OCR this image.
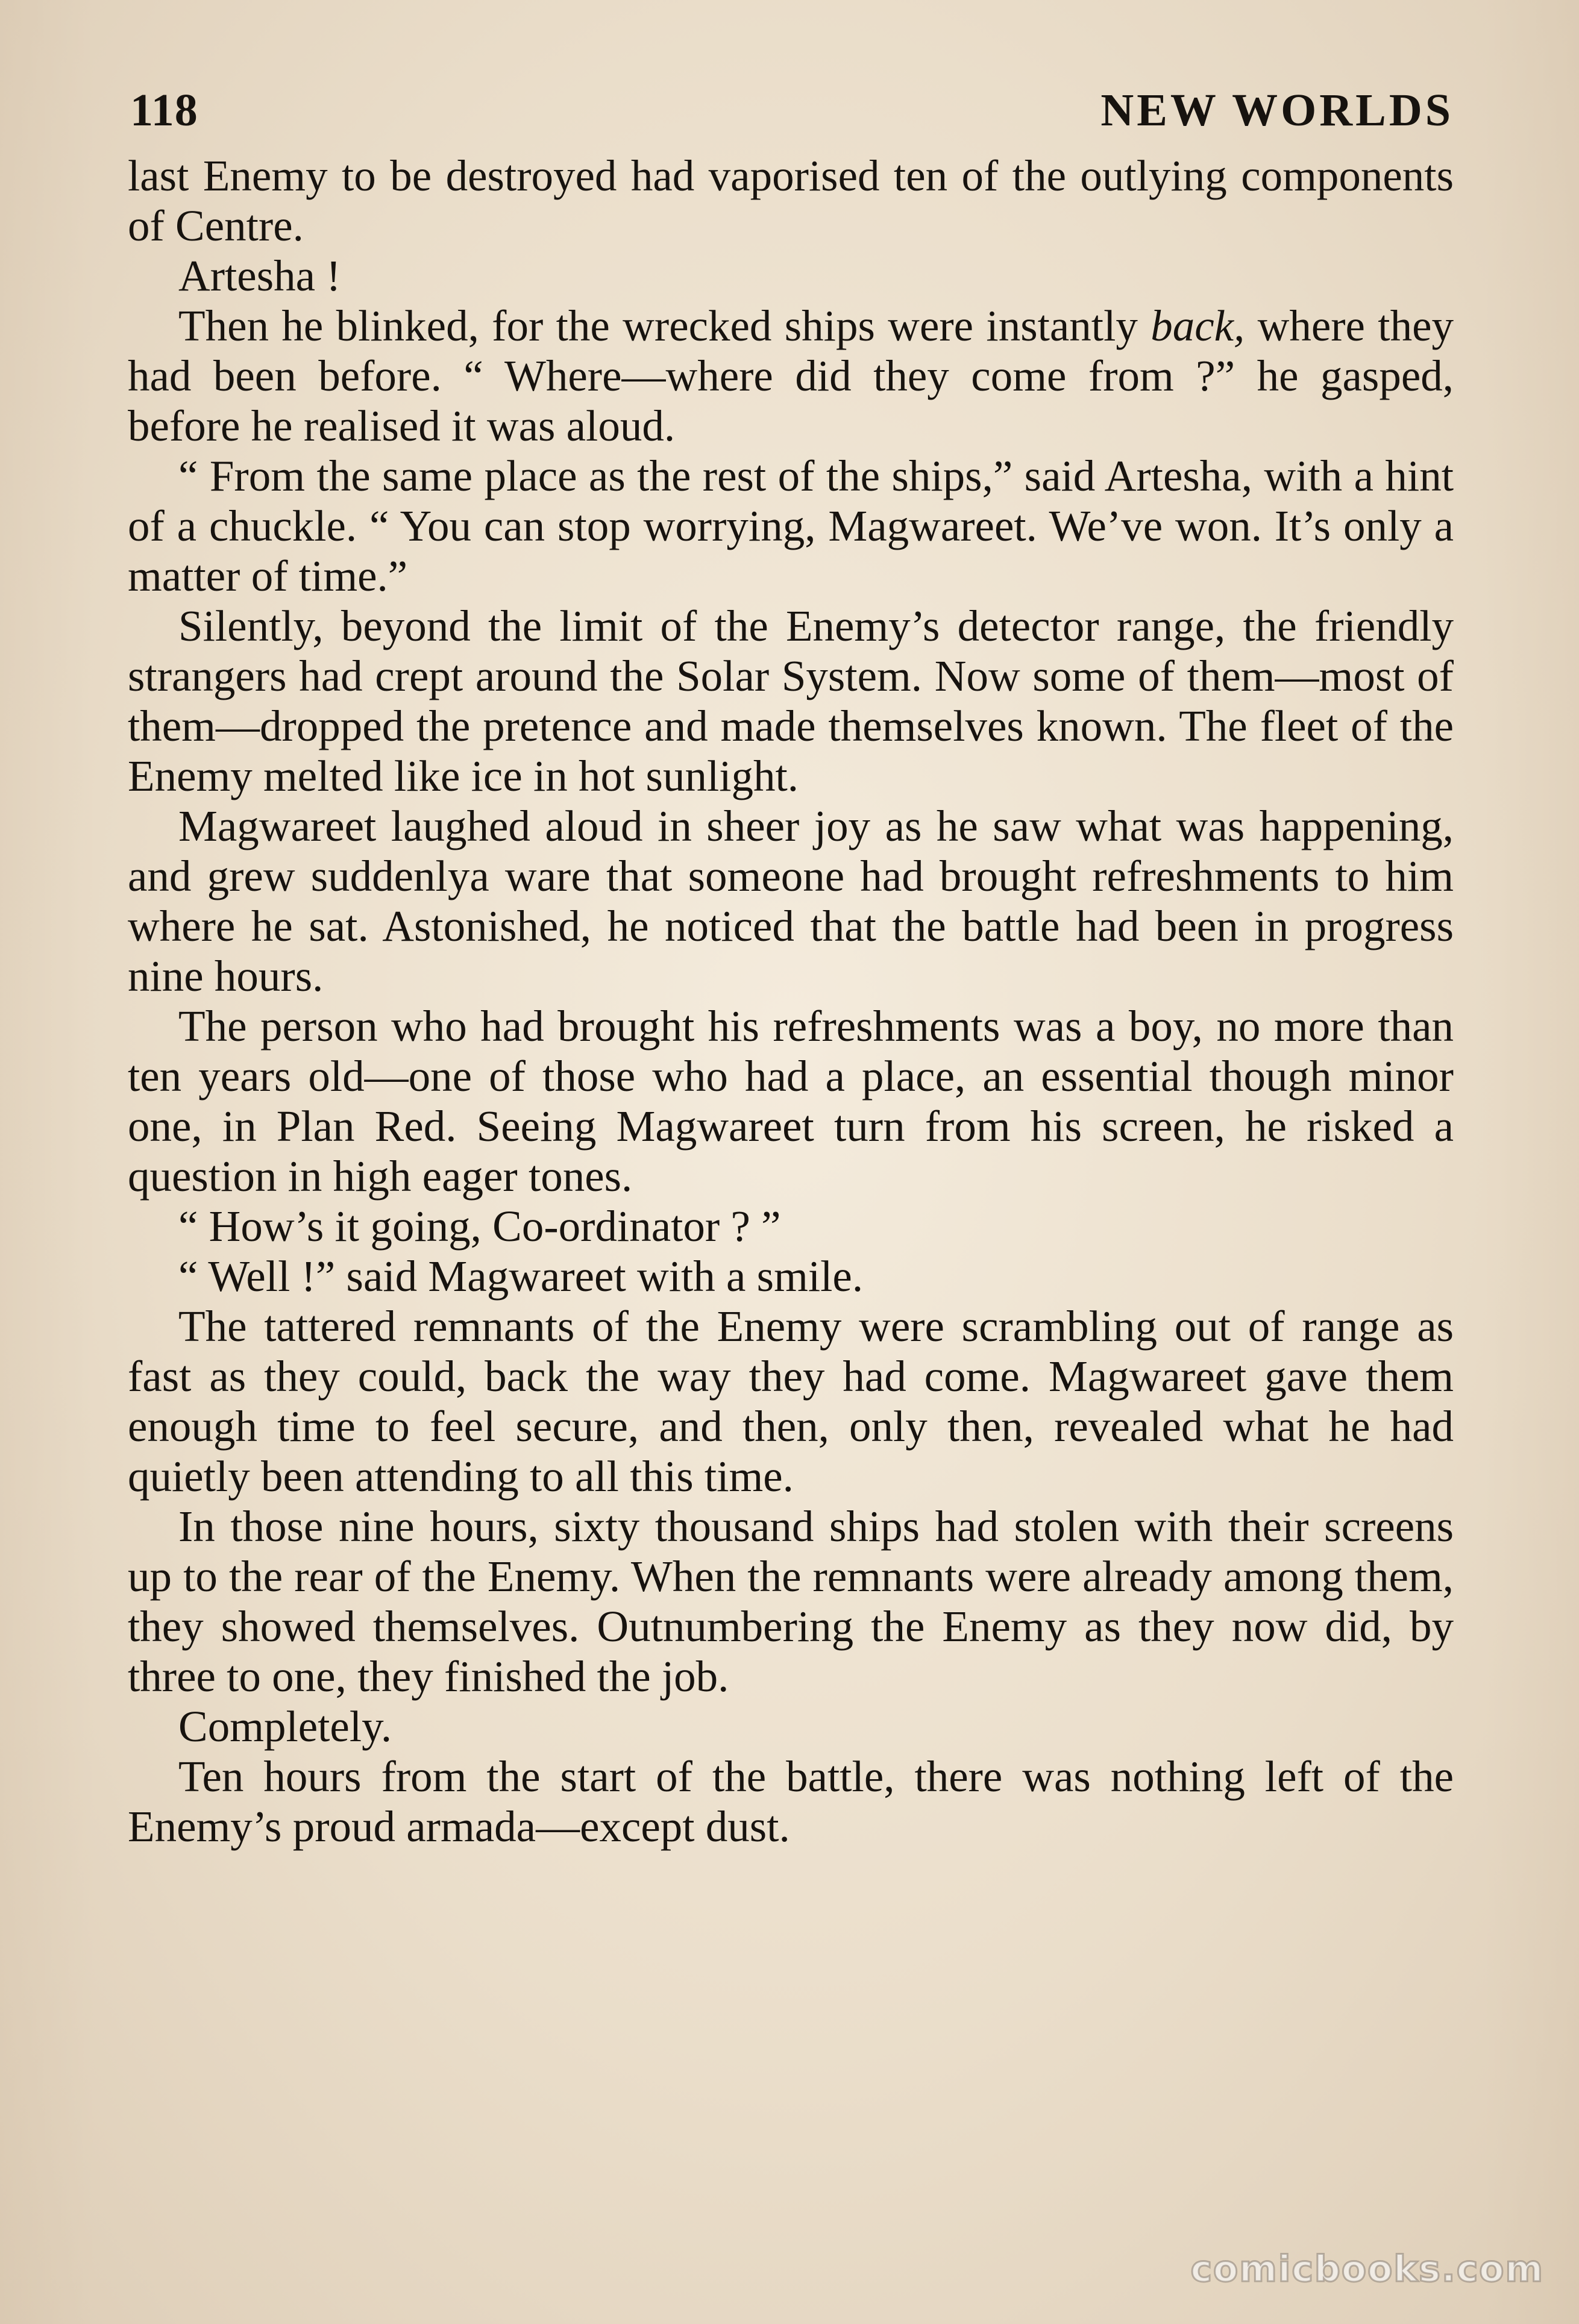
118	NEW WORLDS

last Enemy to be destroyed had vaporised ten of the outlying components of Centre.

Artesha !

Then he blinked, for the wrecked ships were instantly back, where they had been before. “ Where—where did they come from ?” he gasped, before he realised it was aloud.

“ From the same place as the rest of the ships,” said Artesha, with a hint of a chuckle. “ You can stop worrying, Magwareet. We’ve won. It’s only a matter of time.”

Silently, beyond the limit of the Enemy’s detector range, the friendly strangers had crept around the Solar System. Now some of them—most of them—dropped the pretence and made themselves known. The fleet of the Enemy melted like ice in hot sunlight.

Magwareet laughed aloud in sheer joy as he saw what was happening, and grew suddenlya ware that someone had brought refreshments to him where he sat. Astonished, he noticed that the battle had been in progress nine hours.

The person who had brought his refreshments was a boy, no more than ten years old—one of those who had a place, an essential though minor one, in Plan Red. Seeing Magwareet turn from his screen, he risked a question in high eager tones.

“ How’s it going, Co-ordinator ? ”

“ Well !” said Magwareet with a smile.

The tattered remnants of the Enemy were scrambling out of range as fast as they could, back the way they had come. Magwareet gave them enough time to feel secure, and then, only then, revealed what he had quietly been attending to all this time.

In those nine hours, sixty thousand ships had stolen with their screens up to the rear of the Enemy. When the remnants were already among them, they showed themselves. Outnumbering the Enemy as they now did, by three to one, they finished the job.

Completely.

Ten hours from the start of the battle, there was nothing left of the Enemy’s proud armada—except dust.

comicbooks.com
